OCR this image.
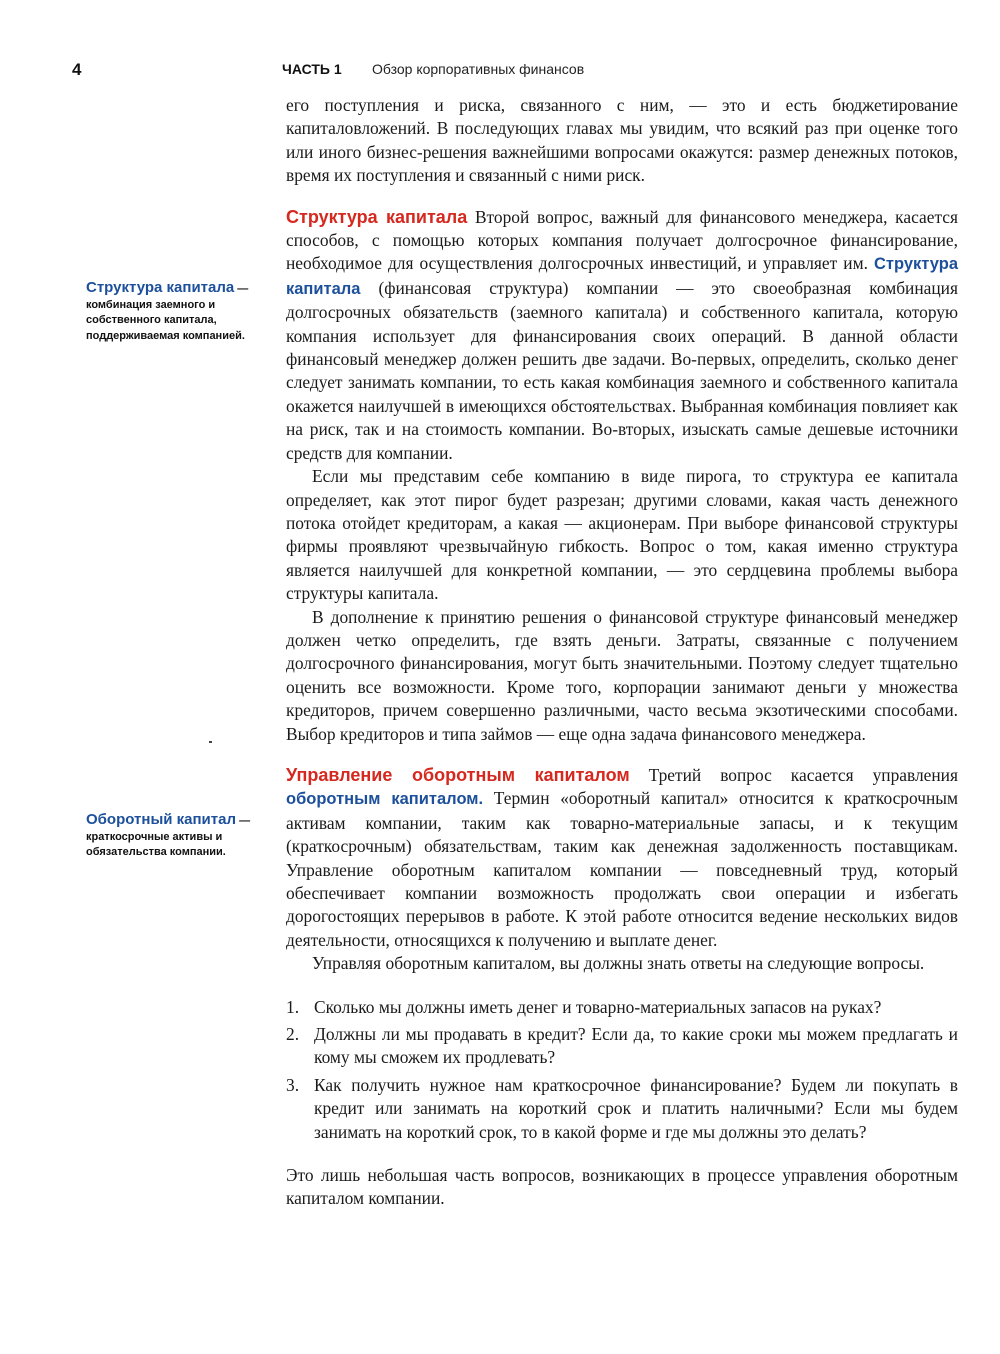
4	ЧАСТЬ 1 Обзор корпоративных финансов
Структура капитала — комбинация заемного и собственного капитала, поддерживаемая компанией.
Оборотный капитал — краткосрочные активы и обязательства компании.

его поступления и риска, связанного с ним, — это и есть бюджетирование капиталовложений. В последующих главах мы увидим, что всякий раз при оценке того или иного бизнес-решения важнейшими вопросами окажутся: размер денежных потоков, время их поступления и связанный с ними риск.

Структура капитала Второй вопрос, важный для финансового менеджера, касается способов, с помощью которых компания получает долгосрочное финансирование, необходимое для осуществления долгосрочных инвестиций, и управляет им. Структура капитала (финансовая структура) компании — это своеобразная комбинация долгосрочных обязательств (заемного капитала) и собственного капитала, которую компания использует для финансирования своих операций. В данной области финансовый менеджер должен решить две задачи. Во-первых, определить, сколько денег следует занимать компании, то есть какая комбинация заемного и собственного капитала окажется наилучшей в имеющихся обстоятельствах. Выбранная комбинация повлияет как на риск, так и на стоимость компании. Во-вторых, изыскать самые дешевые источники средств для компании.

Если мы представим себе компанию в виде пирога, то структура ее капитала определяет, как этот пирог будет разрезан; другими словами, какая часть денежного потока отойдет кредиторам, а какая — акционерам. При выборе финансовой структуры фирмы проявляют чрезвычайную гибкость. Вопрос о том, какая именно структура является наилучшей для конкретной компании, — это сердцевина проблемы выбора структуры капитала.

В дополнение к принятию решения о финансовой структуре финансовый менеджер должен четко определить, где взять деньги. Затраты, связанные с получением долгосрочного финансирования, могут быть значительными. Поэтому следует тщательно оценить все возможности. Кроме того, корпорации занимают деньги у множества кредиторов, причем совершенно различными, часто весьма экзотическими способами. Выбор кредиторов и типа займов — еще одна задача финансового менеджера.

Управление оборотным капиталом Третий вопрос касается управления оборотным капиталом. Термин «оборотный капитал» относится к краткосрочным активам компании, таким как товарно-материальные запасы, и к текущим (краткосрочным) обязательствам, таким как денежная задолженность поставщикам. Управление оборотным капиталом компании — повседневный труд, который обеспечивает компании возможность продолжать свои операции и избегать дорогостоящих перерывов в работе. К этой работе относится ведение нескольких видов деятельности, относящихся к получению и выплате денег.

Управляя оборотным капиталом, вы должны знать ответы на следующие вопросы.

1. Сколько мы должны иметь денег и товарно-материальных запасов на руках?
2. Должны ли мы продавать в кредит? Если да, то какие сроки мы можем предлагать и кому мы сможем их продлевать?
3. Как получить нужное нам краткосрочное финансирование? Будем ли покупать в кредит или занимать на короткий срок и платить наличными? Если мы будем занимать на короткий срок, то в какой форме и где мы должны это делать?

Это лишь небольшая часть вопросов, возникающих в процессе управления оборотным капиталом компании.
